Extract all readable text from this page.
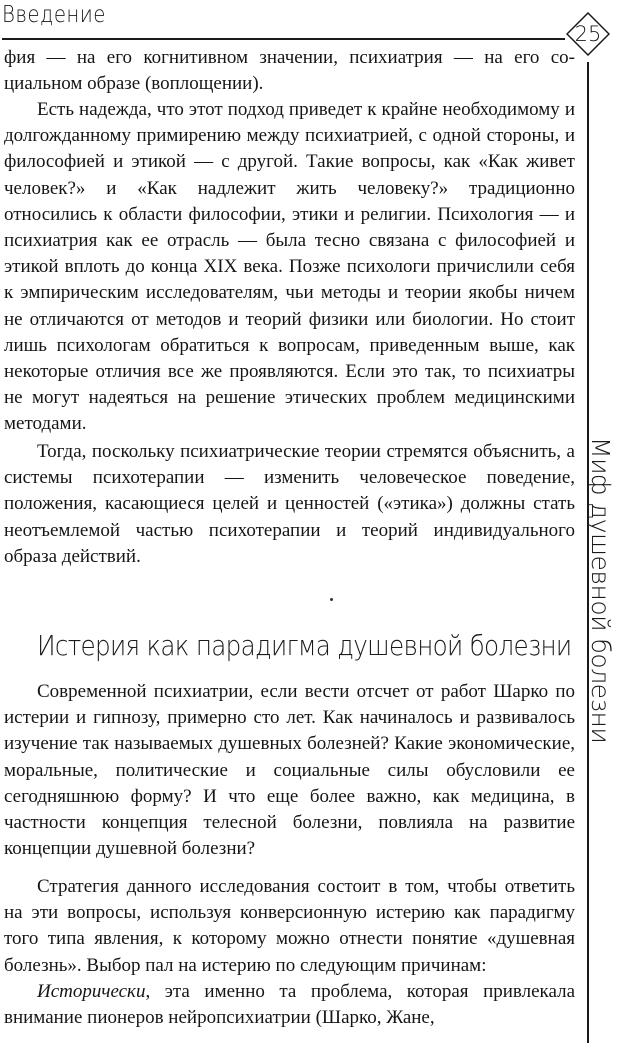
Введение
25
Миф душевной болезни

фия — на его когнитивном значении, психиатрия — на его социальном образе (воплощении).

Есть надежда, что этот подход приведет к крайне необходимому и долгожданному примирению между психиатрией, с одной стороны, и философией и этикой — с другой. Такие вопросы, как «Как живет человек?» и «Как надлежит жить человеку?» традиционно относились к области философии, этики и религии. Психология — и психиатрия как ее отрасль — была тесно связана с философией и этикой вплоть до конца XIX века. Позже психологи причислили себя к эмпирическим исследователям, чьи методы и теории якобы ничем не отличаются от методов и теорий физики или биологии. Но стоит лишь психологам обратиться к вопросам, приведенным выше, как некоторые отличия все же проявляются. Если это так, то психиатры не могут надеяться на решение этических проблем медицинскими методами.

Тогда, поскольку психиатрические теории стремятся объяснить, а системы психотерапии — изменить человеческое поведение, положения, касающиеся целей и ценностей («этика») должны стать неотъемлемой частью психотерапии и теорий индивидуального образа действий.

Истерия как парадигма душевной болезни

Современной психиатрии, если вести отсчет от работ Шарко по истерии и гипнозу, примерно сто лет. Как начиналось и развивалось изучение так называемых душевных болезней? Какие экономические, моральные, политические и социальные силы обусловили ее сегодняшнюю форму? И что еще более важно, как медицина, в частности концепция телесной болезни, повлияла на развитие концепции душевной болезни?

Стратегия данного исследования состоит в том, чтобы ответить на эти вопросы, используя конверсионную истерию как парадигму того типа явления, к которому можно отнести понятие «душевная болезнь». Выбор пал на истерию по следующим причинам:

Исторически, эта именно та проблема, которая привлекала внимание пионеров нейропсихиатрии (Шарко, Жане,
